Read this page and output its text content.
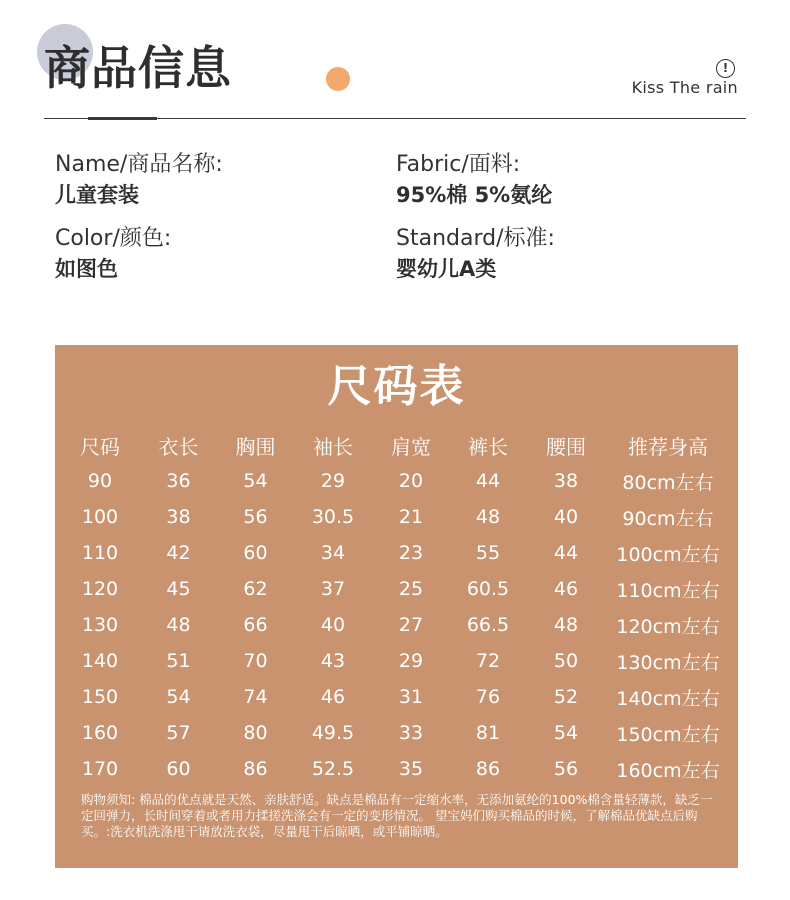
商品信息	!
Kiss The rain
Name/商品名称:
儿童套装
Fabric/面料:
95%棉 5%氨纶
Color/颜色:
如图色
Standard/标准:
婴幼儿A类
尺码表
尺码	衣长	胸围	袖长	肩宽	裤长	腰围	推荐身高
90	36	54	29	20	44	38	80cm左右
100	38	56	30.5	21	48	40	90cm左右
110	42	60	34	23	55	44	100cm左右
120	45	62	37	25	60.5	46	110cm左右
130	48	66	40	27	66.5	48	120cm左右
140	51	70	43	29	72	50	130cm左右
150	54	74	46	31	76	52	140cm左右
160	57	80	49.5	33	81	54	150cm左右
170	60	86	52.5	35	86	56	160cm左右
购物须知: 棉品的优点就是天然、亲肤舒适。缺点是棉品有一定缩水率，无添加氨纶的100%棉含量轻薄款，缺乏一定回弹力，长时间穿着或者用力揉搓洗涤会有一定的变形情况。 望宝妈们购买棉品的时候，了解棉品优缺点后购买。:洗衣机洗涤甩干请放洗衣袋，尽量甩干后晾晒，或平铺晾晒。
